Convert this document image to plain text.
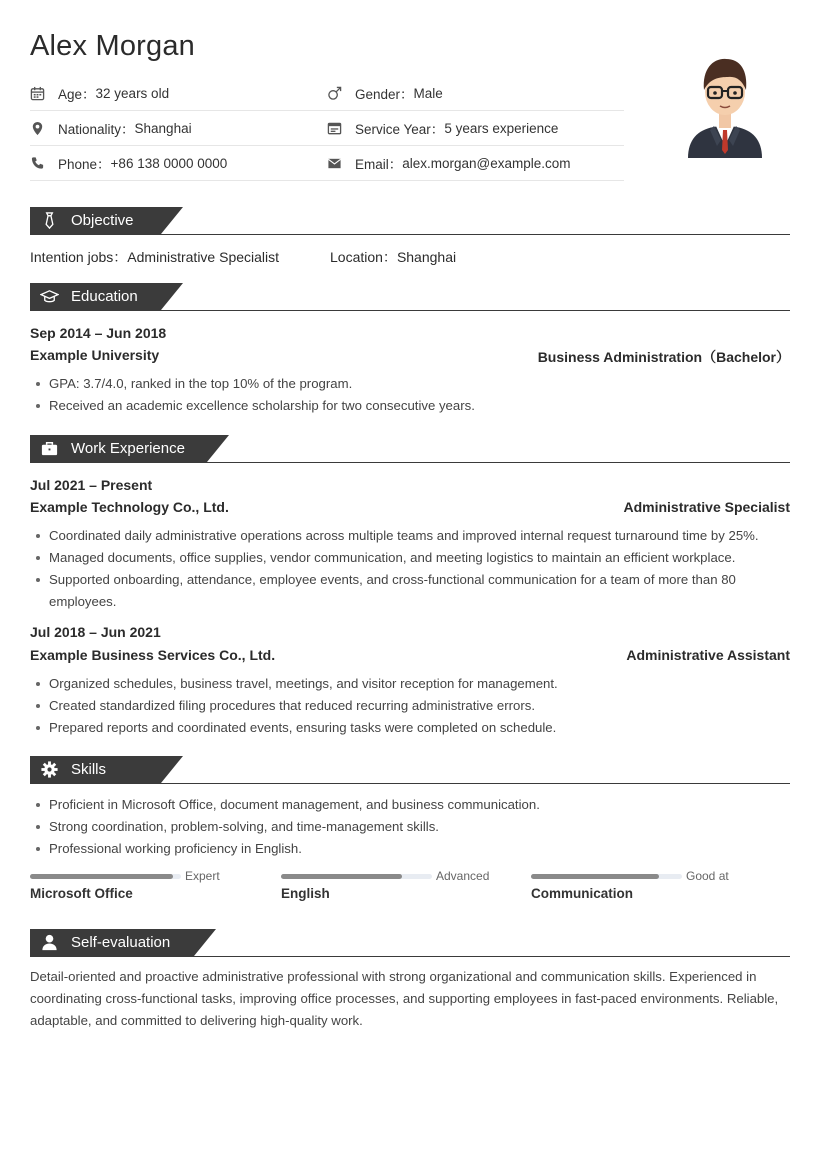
Alex Morgan
Age： 32 years old	Gender： Male
Nationality： Shanghai	Service Year： 5 years experience
Phone： +86 138 0000 0000	Email： alex.morgan@example.com
Objective
Intention jobs：Administrative Specialist	Location：Shanghai
Education
Sep 2014 – Jun 2018
Example University	Business Administration（Bachelor）
GPA: 3.7/4.0, ranked in the top 10% of the program.
Received an academic excellence scholarship for two consecutive years.
Work Experience
Jul 2021 – Present
Example Technology Co., Ltd.	Administrative Specialist
Coordinated daily administrative operations across multiple teams and improved internal request turnaround time by 25%.
Managed documents, office supplies, vendor communication, and meeting logistics to maintain an efficient workplace.
Supported onboarding, attendance, employee events, and cross-functional communication for a team of more than 80 employees.
Jul 2018 – Jun 2021
Example Business Services Co., Ltd.	Administrative Assistant
Organized schedules, business travel, meetings, and visitor reception for management.
Created standardized filing procedures that reduced recurring administrative errors.
Prepared reports and coordinated events, ensuring tasks were completed on schedule.
Skills
Proficient in Microsoft Office, document management, and business communication.
Strong coordination, problem-solving, and time-management skills.
Professional working proficiency in English.
Expert
Microsoft Office
Advanced
English
Good at
Communication
Self-evaluation
Detail-oriented and proactive administrative professional with strong organizational and communication skills. Experienced in coordinating cross-functional tasks, improving office processes, and supporting employees in fast-paced environments. Reliable, adaptable, and committed to delivering high-quality work.
